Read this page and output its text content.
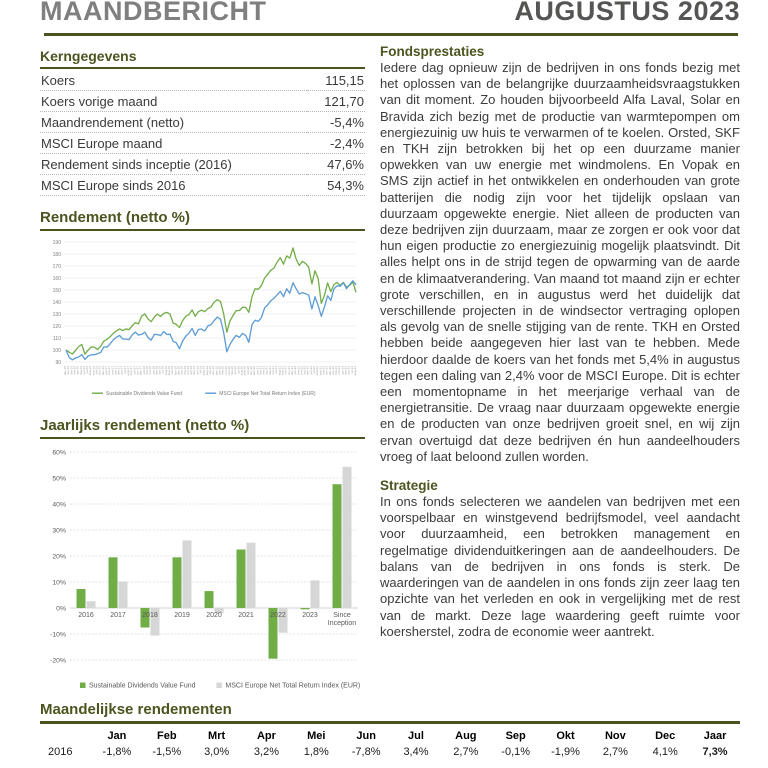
MAANDBERICHT	AUGUSTUS 2023
Kerngegevens
Koers	115,15
Koers vorige maand	121,70
Maandrendement (netto)	-5,4%
MSCI Europe maand	-2,4%
Rendement sinds inceptie (2016)	47,6%
MSCI Europe sinds 2016	54,3%
Rendement (netto %)
90
100
110
120
130
140
150
160
170
180
190
dec-15 jan-16 feb-16 mrt-16 apr-16 mei-16 jun-16 jul-16 aug-16 sep-16 okt-16 nov-16 dec-16 jan-17 feb-17 mrt-17 apr-17 mei-17 jun-17 jul-17 aug-17 sep-17 okt-17 nov-17 dec-17 jan-18 feb-18 mrt-18 apr-18 mei-18 jun-18 jul-18 aug-18 sep-18 okt-18 nov-18 dec-18 jan-19 feb-19 mrt-19 apr-19 mei-19 jun-19 jul-19 aug-19 sep-19 okt-19 nov-19 dec-19 jan-20 feb-20 mrt-20 apr-20 mei-20 jun-20 jul-20 aug-20 sep-20 okt-20 nov-20 dec-20 jan-21 feb-21 mrt-21 apr-21 mei-21 jun-21 jul-21 aug-21 sep-21 okt-21 nov-21 dec-21 jan-22 feb-22 mrt-22 apr-22 mei-22 jun-22 jul-22 aug-22 sep-22 okt-22 nov-22 dec-22 jan-23 feb-23 mrt-23 apr-23 mei-23 jun-23 jul-23 aug-23
Sustainable Dividends Value Fund	MSCI Europe Net Total Return Index (EUR)
Jaarlijks rendement (netto %)
-20%
-10%
0%
10%
20%
30%
40%
50%
60%
2016 2017 2018 2019 2020 2021 2022 2023	Since Inception
Sustainable Dividends Value Fund	MSCI Europe Net Total Return Index (EUR)
Fondsprestaties

Iedere dag opnieuw zijn de bedrijven in ons fonds bezig met het oplossen van de belangrijke duurzaamheidsvraagstukken van dit moment. Zo houden bijvoorbeeld Alfa Laval, Solar en Bravida zich bezig met de productie van warmtepompen om energiezuinig uw huis te verwarmen of te koelen. Orsted, SKF en TKH zijn betrokken bij het op een duurzame manier opwekken van uw energie met windmolens. En Vopak en SMS zijn actief in het ontwikkelen en onderhouden van grote batterijen die nodig zijn voor het tijdelijk opslaan van duurzaam opgewekte energie. Niet alleen de producten van deze bedrijven zijn duurzaam, maar ze zorgen er ook voor dat hun eigen productie zo energiezuinig mogelijk plaatsvindt. Dit alles helpt ons in de strijd tegen de opwarming van de aarde en de klimaatverandering. Van maand tot maand zijn er echter grote verschillen, en in augustus werd het duidelijk dat verschillende projecten in de windsector vertraging oplopen als gevolg van de snelle stijging van de rente. TKH en Orsted hebben beide aangegeven hier last van te hebben. Mede hierdoor daalde de koers van het fonds met 5,4% in augustus tegen een daling van 2,4% voor de MSCI Europe. Dit is echter een momentopname in het meerjarige verhaal van de energietransitie. De vraag naar duurzaam opgewekte energie en de producten van onze bedrijven groeit snel, en wij zijn ervan overtuigd dat deze bedrijven én hun aandeelhouders vroeg of laat beloond zullen worden.

Strategie

In ons fonds selecteren we aandelen van bedrijven met een voorspelbaar en winstgevend bedrijfsmodel, veel aandacht voor duurzaamheid, een betrokken management en regelmatige dividenduitkeringen aan de aandeelhouders. De balans van de bedrijven in ons fonds is sterk. De waarderingen van de aandelen in ons fonds zijn zeer laag ten opzichte van het verleden en ook in vergelijking met de rest van de markt. Deze lage waardering geeft ruimte voor koersherstel, zodra de economie weer aantrekt.

Maandelijkse rendementen
	Jan	Feb	Mrt	Apr	Mei	Jun	Jul	Aug	Sep	Okt	Nov	Dec	Jaar
2016	-1,8%	-1,5%	3,0%	3,2%	1,8%	-7,8%	3,4%	2,7%	-0,1%	-1,9%	2,7%	4,1%	7,3%
